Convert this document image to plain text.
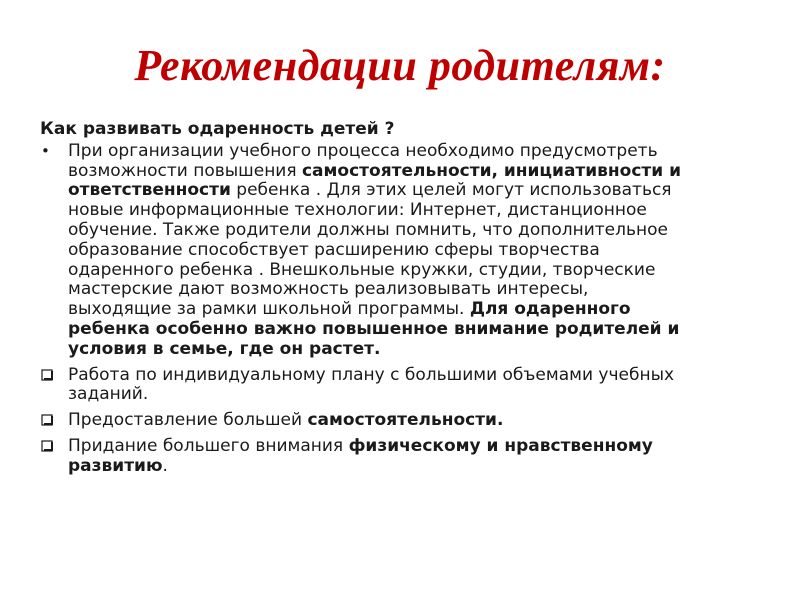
Рекомендации родителям:

Как развивать одаренность детей ?

•	При организации учебного процесса необходимо предусмотреть возможности повышения самостоятельности, инициативности и ответственности ребенка . Для этих целей могут использоваться новые информационные технологии: Интернет, дистанционное обучение. Также родители должны помнить, что дополнительное образование способствует расширению сферы творчества одаренного ребенка . Внешкольные кружки, студии, творческие мастерские дают возможность реализовывать интересы, выходящие за рамки школьной программы. Для одаренного ребенка особенно важно повышенное внимание родителей и условия в семье, где он растет.
Работа по индивидуальному плану с большими объемами учебных заданий.
Предоставление большей самостоятельности.
Придание большего внимания физическому и нравственному развитию.
